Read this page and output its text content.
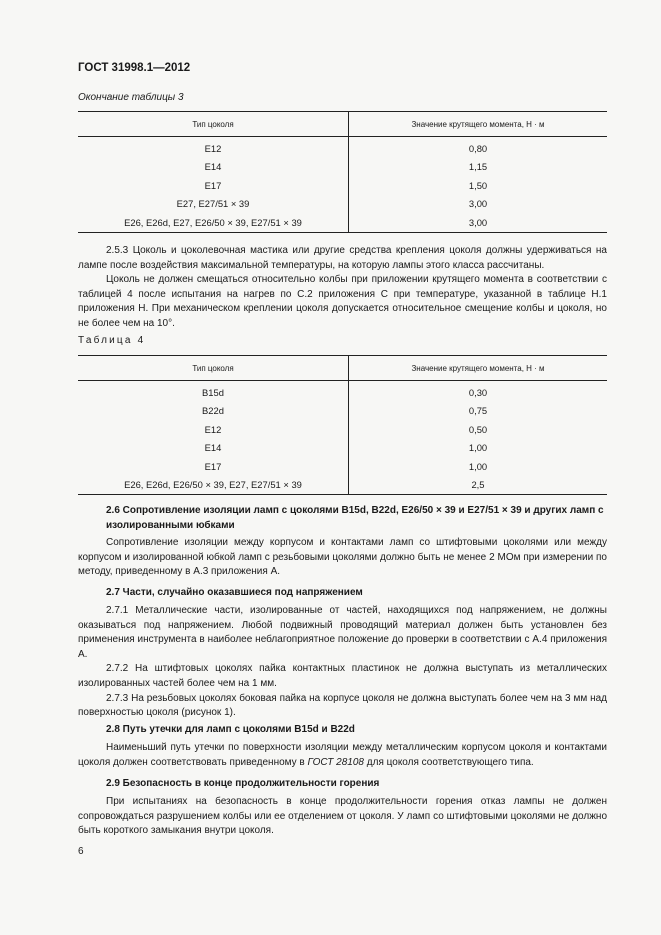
ГОСТ 31998.1—2012
Окончание таблицы 3
Тип цоколя	Значение крутящего момента, Н · м
E12	0,80
E14	1,15
E17	1,50
E27, E27/51 × 39	3,00
E26, E26d, E27, E26/50 × 39, E27/51 × 39	3,00

2.5.3 Цоколь и цоколевочная мастика или другие средства крепления цоколя должны удерживаться на лампе после воздействия максимальной температуры, на которую лампы этого класса рассчитаны.

Цоколь не должен смещаться относительно колбы при приложении крутящего момента в соответствии с таблицей 4 после испытания на нагрев по С.2 приложения С при температуре, указанной в таблице Н.1 приложения Н. При механическом креплении цоколя допускается относительное смещение колбы и цоколя, но не более чем на 10°.

Таблица 4
Тип цоколя	Значение крутящего момента, Н · м
B15d	0,30
B22d	0,75
E12	0,50
E14	1,00
E17	1,00
E26, E26d, E26/50 × 39, E27, E27/51 × 39	2,5
2.6 Сопротивление изоляции ламп с цоколями B15d, B22d, E26/50 × 39 и E27/51 × 39 и других ламп с изолированными юбками

Сопротивление изоляции между корпусом и контактами ламп со штифтовыми цоколями или между корпусом и изолированной юбкой ламп с резьбовыми цоколями должно быть не менее 2 МОм при измерении по методу, приведенному в А.3 приложения А.

2.7 Части, случайно оказавшиеся под напряжением

2.7.1 Металлические части, изолированные от частей, находящихся под напряжением, не должны оказываться под напряжением. Любой подвижный проводящий материал должен быть установлен без применения инструмента в наиболее неблагоприятное положение до проверки в соответствии с А.4 приложения А.

2.7.2 На штифтовых цоколях пайка контактных пластинок не должна выступать из металлических изолированных частей более чем на 1 мм.

2.7.3 На резьбовых цоколях боковая пайка на корпусе цоколя не должна выступать более чем на 3 мм над поверхностью цоколя (рисунок 1).

2.8 Путь утечки для ламп с цоколями B15d и B22d

Наименьший путь утечки по поверхности изоляции между металлическим корпусом цоколя и контактами цоколя должен соответствовать приведенному в ГОСТ 28108 для цоколя соответствующего типа.

2.9 Безопасность в конце продолжительности горения

При испытаниях на безопасность в конце продолжительности горения отказ лампы не должен сопровождаться разрушением колбы или ее отделением от цоколя. У ламп со штифтовыми цоколями не должно быть короткого замыкания внутри цоколя.

6
